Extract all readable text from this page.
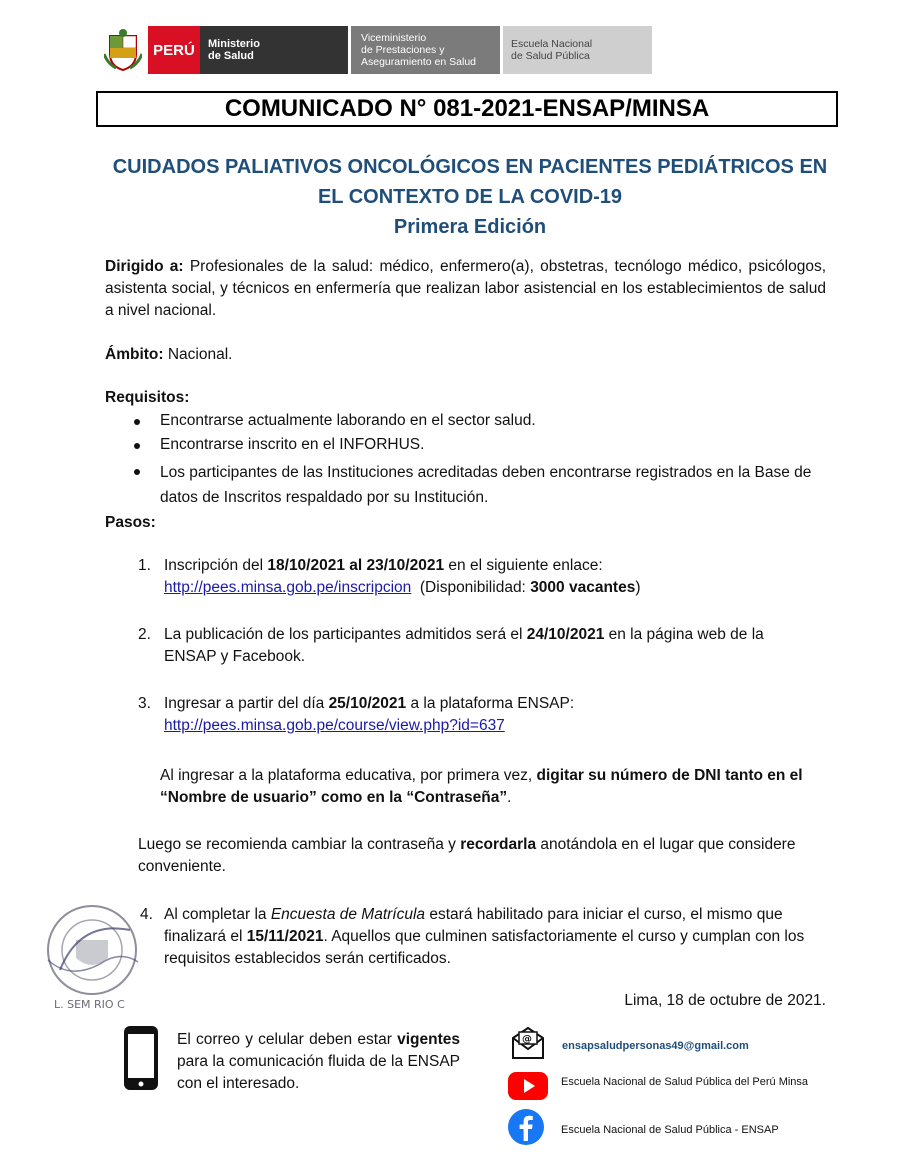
PERÚ	Ministerio
de Salud
Viceministerio
de Prestaciones y
Aseguramiento en Salud
Escuela Nacional
de Salud Pública
COMUNICADO N° 081-2021-ENSAP/MINSA
CUIDADOS PALIATIVOS ONCOLÓGICOS EN PACIENTES PEDIÁTRICOS EN
EL CONTEXTO DE LA COVID-19
Primera Edición
Dirigido a: Profesionales de la salud: médico, enfermero(a), obstetras, tecnólogo médico, psicólogos, asistenta social, y técnicos en enfermería que realizan labor asistencial en los establecimientos de salud a nivel nacional.
Ámbito: Nacional.
Requisitos:
Encontrarse actualmente laborando en el sector salud.
Encontrarse inscrito en el INFORHUS.
Los participantes de las Instituciones acreditadas deben encontrarse registrados en la Base de datos de Inscritos respaldado por su Institución.
Pasos:
1. Inscripción del 18/10/2021 al 23/10/2021 en el siguiente enlace:
http://pees.minsa.gob.pe/inscripcion  (Disponibilidad: 3000 vacantes)
2. La publicación de los participantes admitidos será el 24/10/2021 en la página web de la ENSAP y Facebook.
3. Ingresar a partir del día 25/10/2021 a la plataforma ENSAP:
http://pees.minsa.gob.pe/course/view.php?id=637
Al ingresar a la plataforma educativa, por primera vez, digitar su número de DNI tanto en el “Nombre de usuario” como en la “Contraseña”.
Luego se recomienda cambiar la contraseña y recordarla anotándola en el lugar que considere conveniente.
L. SEM RIO C
4. Al completar la Encuesta de Matrícula estará habilitado para iniciar el curso, el mismo que finalizará el 15/11/2021. Aquellos que culminen satisfactoriamente el curso y cumplan con los requisitos establecidos serán certificados.
Lima, 18 de octubre de 2021.
El correo y celular deben estar vigentes para la comunicación fluida de la ENSAP con el interesado.
@
ensapsaludpersonas49@gmail.com
Escuela Nacional de Salud Pública del Perú Minsa
Escuela Nacional de Salud Pública - ENSAP
